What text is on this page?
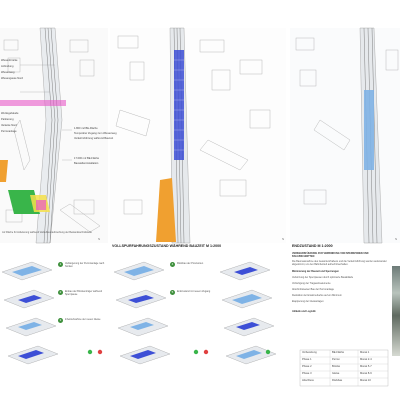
N	N	N
Wiesenbrücke
Anbindung
Wiesenweg
Wiesengasse Nord
Werksgebäude
Parkierung
Variante Nord
Perronanlage
1.800 m2 BE-Fläche
Temporärer Zugang zum Wiesenweg
Verkehrsführung während Bauzeit
17.000 m2 BE-Fläche
Baustelleninstallation
m2 Fläche für Anlieferung während Verkehrsunterbrechung der Bestandsschnittstelle
VOLLSPURFAHRUNGSZUSTAND WÄHREND BAUZEIT M 1:2000	ENDZUSTAND M 1:2000
VERKEHRSFÜHRUNG ZUR VERBINDUNG VON SPERRZONEN UND BAUABSCHNITTEN
Die Baumassnahme des Gesamtvorhabens und die Verkehrsführung werden aufeinander abgestimmt, um den Bahnbetrieb aufrechtzuerhalten.
Minimierung der Bauzeit und Sperrungen
Verkürzung der Sperrpausen durch optimierte Bauabläufe
Vorfertigung der Tragwerkselemente
Abschnittsweiser Bau der Perronanlage
Reduktion der Ersatzverkehre auf ein Minimum
Etappierung der Gleisanlagen
Abläufe und Logistik
1	Verlängerung der Perronanlage nach Norden
2	Einbau der Brückenträger während Sperrpause
3	Inbetriebnahme der neuen Gleise
4	Rückbau der Provisorien
5	Endzustand mit neuem Zugang
Vorbereitung	BE-Fläche	Monat 1
Phase 1	Perron	Monat 2-4
Phase 2	Brücke	Monat 5-7
Phase 3	Gleise	Monat 8-9
Abschluss	Rückbau	Monat 10
